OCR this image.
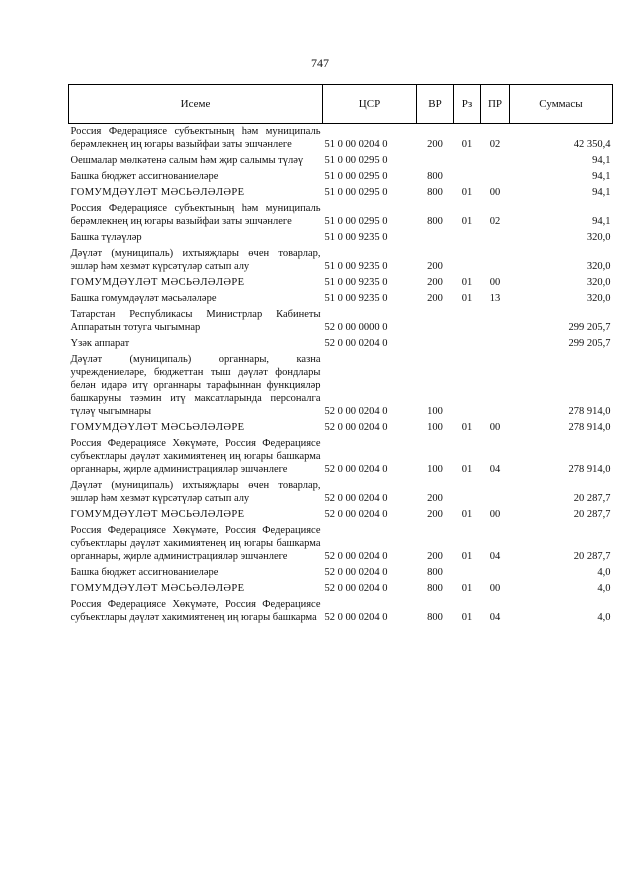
747
Исеме	ЦСР	ВР	Рз	ПР	Суммасы
Россия Федерациясе субъектының һәм муниципаль берәмлекнең иң югары вазыйфаи заты эшчәнлеге	51 0 00 0204 0	200	01	02	42 350,4
Оешмалар мөлкәтенә салым һәм җир салымы түләү	51 0 00 0295 0				94,1
Башка бюджет ассигнованиеләре	51 0 00 0295 0	800			94,1
ГОМУМДӘҮЛӘТ МӘСЬӘЛӘЛӘРЕ	51 0 00 0295 0	800	01	00	94,1
Россия Федерациясе субъектының һәм муниципаль берәмлекнең иң югары вазыйфаи заты эшчәнлеге	51 0 00 0295 0	800	01	02	94,1
Башка түләүләр	51 0 00 9235 0				320,0
Дәүләт (муниципаль) ихтыяҗлары өчен товарлар, эшләр һәм хезмәт күрсәтүләр сатып алу	51 0 00 9235 0	200			320,0
ГОМУМДӘҮЛӘТ МӘСЬӘЛӘЛӘРЕ	51 0 00 9235 0	200	01	00	320,0
Башка гомумдәүләт мәсьәләләре	51 0 00 9235 0	200	01	13	320,0
Татарстан Республикасы Министрлар Кабинеты Аппаратын тотуга чыгымнар	52 0 00 0000 0				299 205,7
Үзәк аппарат	52 0 00 0204 0				299 205,7
Дәүләт (муниципаль) органнары, казна учреждениеләре, бюджеттан тыш дәүләт фондлары белән идарә итү органнары тарафыннан функцияләр башкаруны тәэмин итү максатларында персоналга түләү чыгымнары	52 0 00 0204 0	100			278 914,0
ГОМУМДӘҮЛӘТ МӘСЬӘЛӘЛӘРЕ	52 0 00 0204 0	100	01	00	278 914,0
Россия Федерациясе Хөкүмәте, Россия Федерациясе субъектлары дәүләт хакимиятенең иң югары башкарма органнары, җирле администрацияләр эшчәнлеге	52 0 00 0204 0	100	01	04	278 914,0
Дәүләт (муниципаль) ихтыяҗлары өчен товарлар, эшләр һәм хезмәт күрсәтүләр сатып алу	52 0 00 0204 0	200			20 287,7
ГОМУМДӘҮЛӘТ МӘСЬӘЛӘЛӘРЕ	52 0 00 0204 0	200	01	00	20 287,7
Россия Федерациясе Хөкүмәте, Россия Федерациясе субъектлары дәүләт хакимиятенең иң югары башкарма органнары, җирле администрацияләр эшчәнлеге	52 0 00 0204 0	200	01	04	20 287,7
Башка бюджет ассигнованиеләре	52 0 00 0204 0	800			4,0
ГОМУМДӘҮЛӘТ МӘСЬӘЛӘЛӘРЕ	52 0 00 0204 0	800	01	00	4,0
Россия Федерациясе Хөкүмәте, Россия Федерациясе субъектлары дәүләт хакимиятенең иң югары башкарма	52 0 00 0204 0	800	01	04	4,0
